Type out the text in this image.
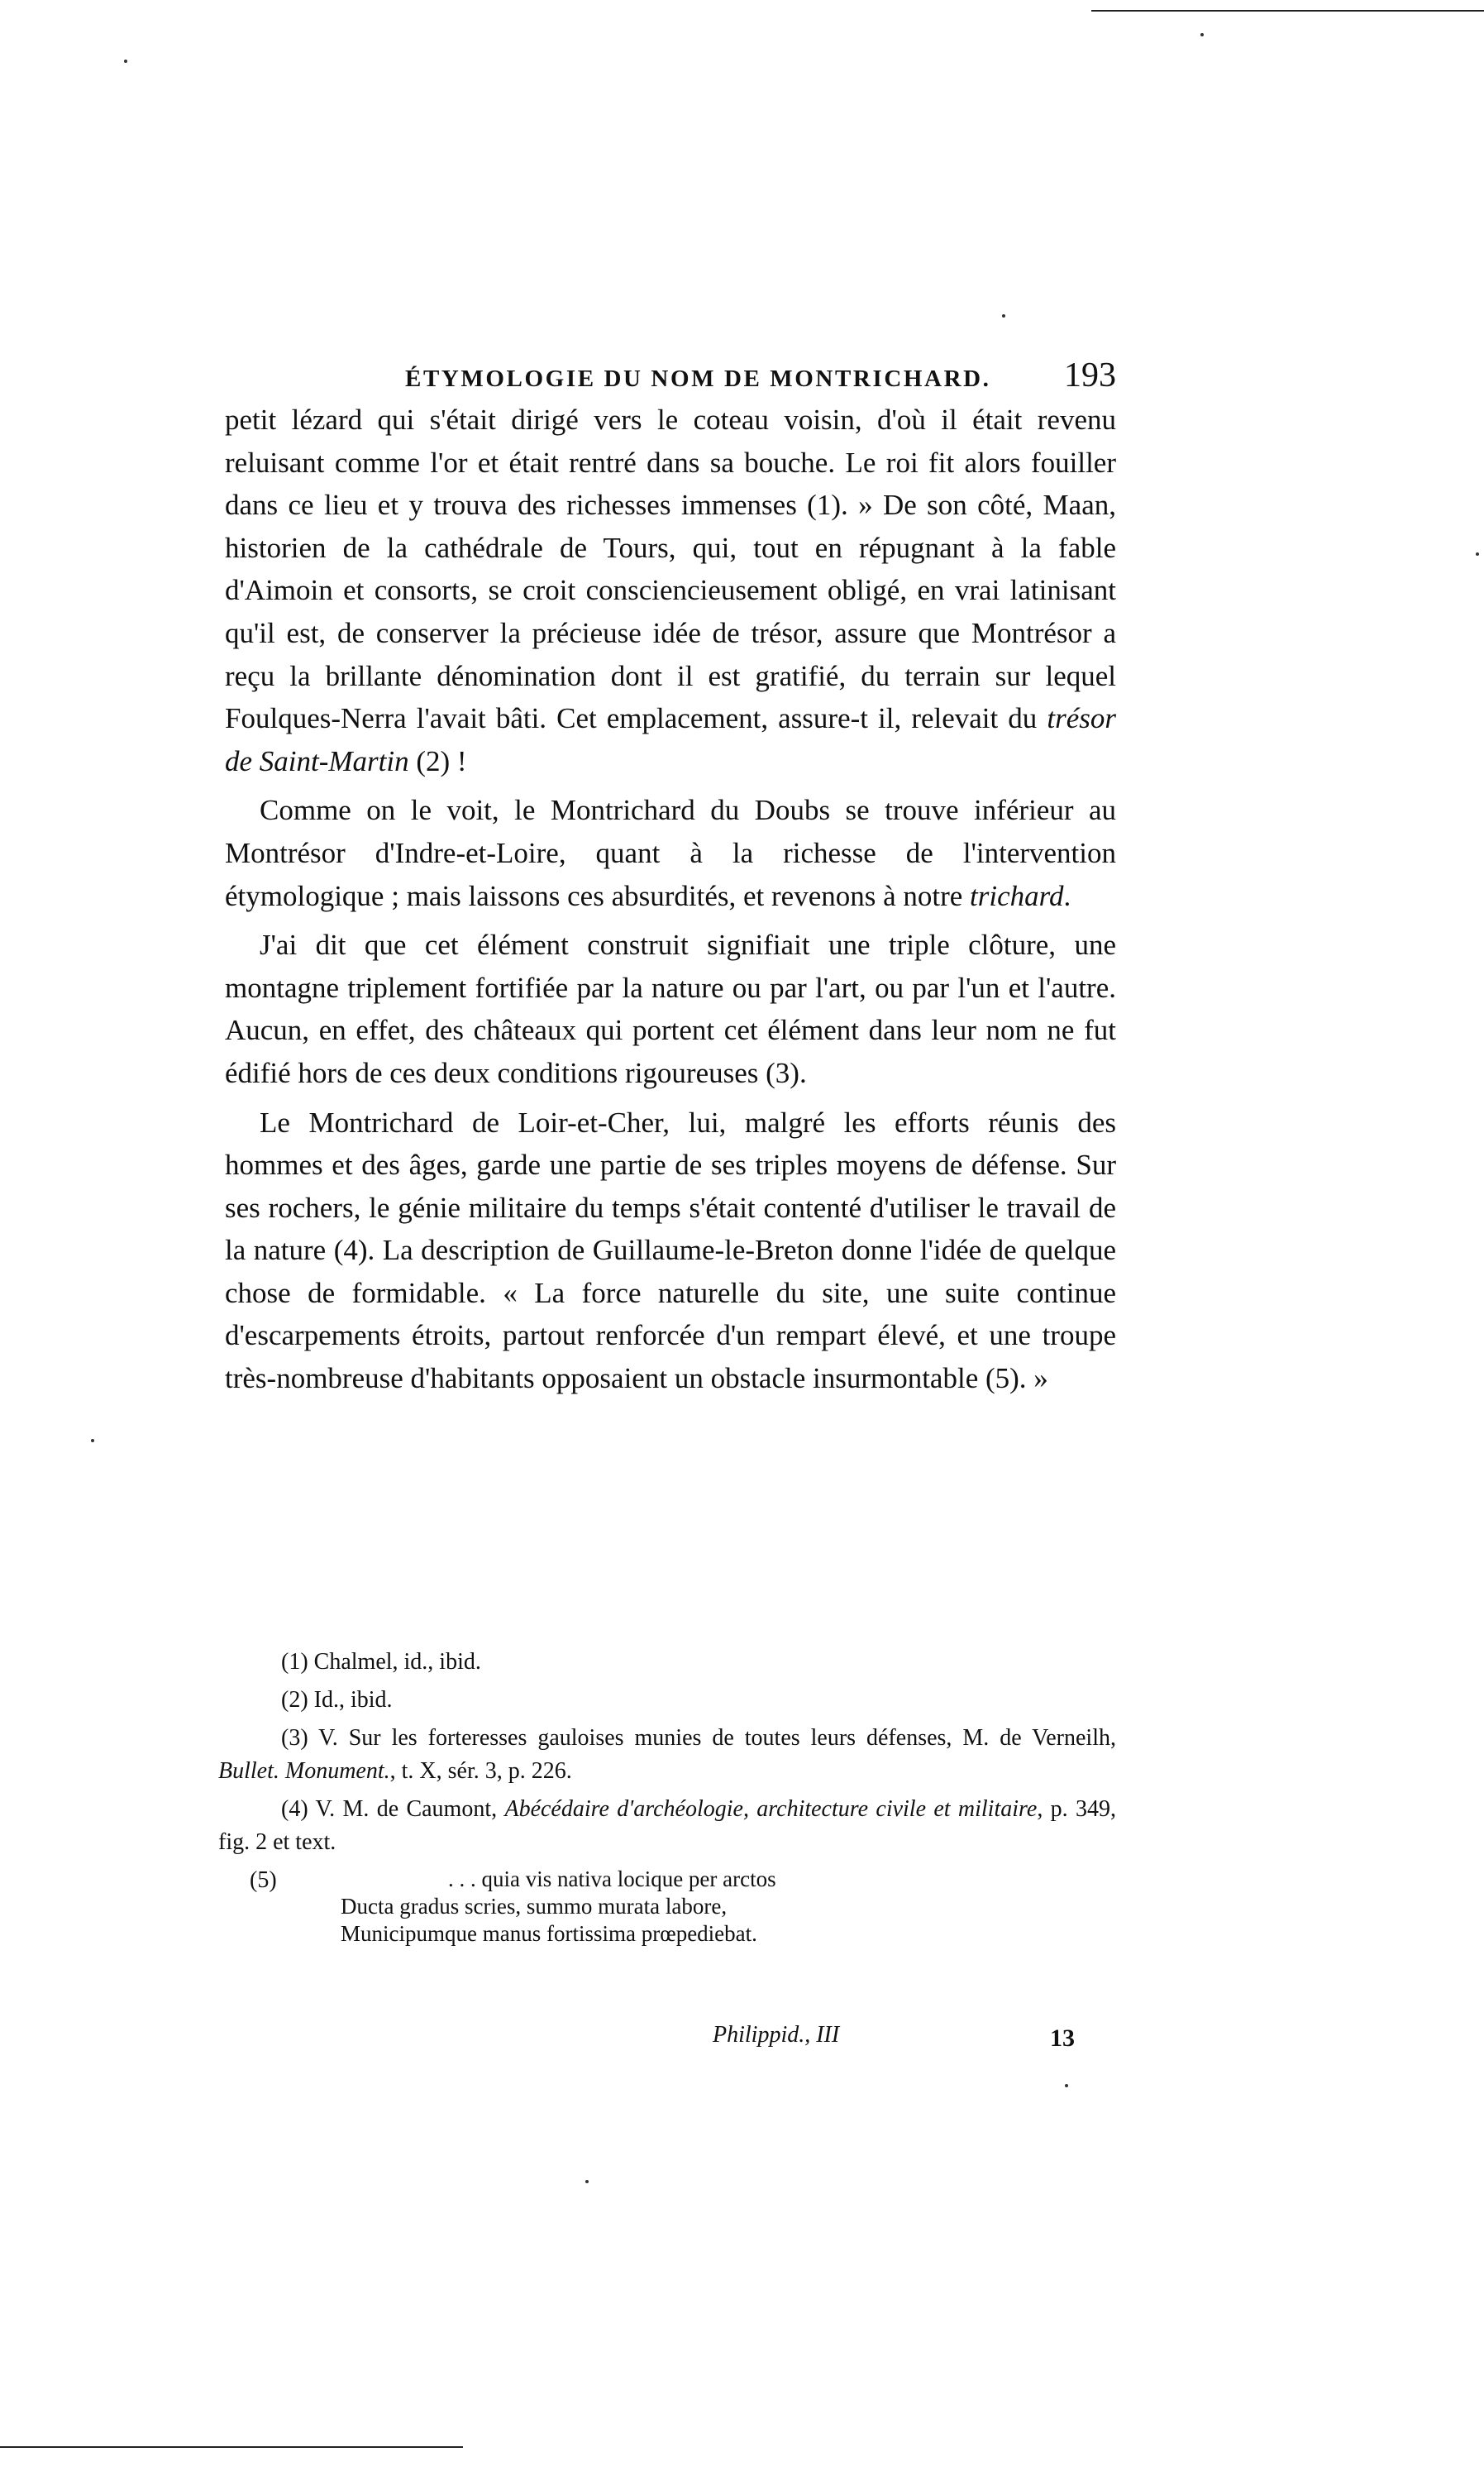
ÉTYMOLOGIE DU NOM DE MONTRICHARD. 193

petit lézard qui s'était dirigé vers le coteau voisin, d'où il était revenu reluisant comme l'or et était rentré dans sa bouche. Le roi fit alors fouiller dans ce lieu et y trouva des richesses immenses (1). » De son côté, Maan, historien de la cathédrale de Tours, qui, tout en répugnant à la fable d'Aimoin et consorts, se croit consciencieusement obligé, en vrai latinisant qu'il est, de conserver la précieuse idée de trésor, assure que Montrésor a reçu la brillante dénomination dont il est gratifié, du terrain sur lequel Foulques-Nerra l'avait bâti. Cet emplacement, assure-t il, relevait du trésor de Saint-Martin (2) !

Comme on le voit, le Montrichard du Doubs se trouve inférieur au Montrésor d'Indre-et-Loire, quant à la richesse de l'intervention étymologique ; mais laissons ces absurdités, et revenons à notre trichard.

J'ai dit que cet élément construit signifiait une triple clôture, une montagne triplement fortifiée par la nature ou par l'art, ou par l'un et l'autre. Aucun, en effet, des châteaux qui portent cet élément dans leur nom ne fut édifié hors de ces deux conditions rigoureuses (3).

Le Montrichard de Loir-et-Cher, lui, malgré les efforts réunis des hommes et des âges, garde une partie de ses triples moyens de défense. Sur ses rochers, le génie militaire du temps s'était contenté d'utiliser le travail de la nature (4). La description de Guillaume-le-Breton donne l'idée de quelque chose de formidable. « La force naturelle du site, une suite continue d'escarpements étroits, partout renforcée d'un rempart élevé, et une troupe très-nombreuse d'habitants opposaient un obstacle insurmontable (5). »

(1) Chalmel, id., ibid.

(2) Id., ibid.

(3) V. Sur les forteresses gauloises munies de toutes leurs défenses, M. de Verneilh, Bullet. Monument., t. X, sér. 3, p. 226.

(4) V. M. de Caumont, Abécédaire d'archéologie, architecture civile et militaire, p. 349, fig. 2 et text.

(5)	. . . quia vis nativa locique per arctos
Ducta gradus scries, summo murata labore,
Municipumque manus fortissima prœpediebat.
Philippid., III	13
